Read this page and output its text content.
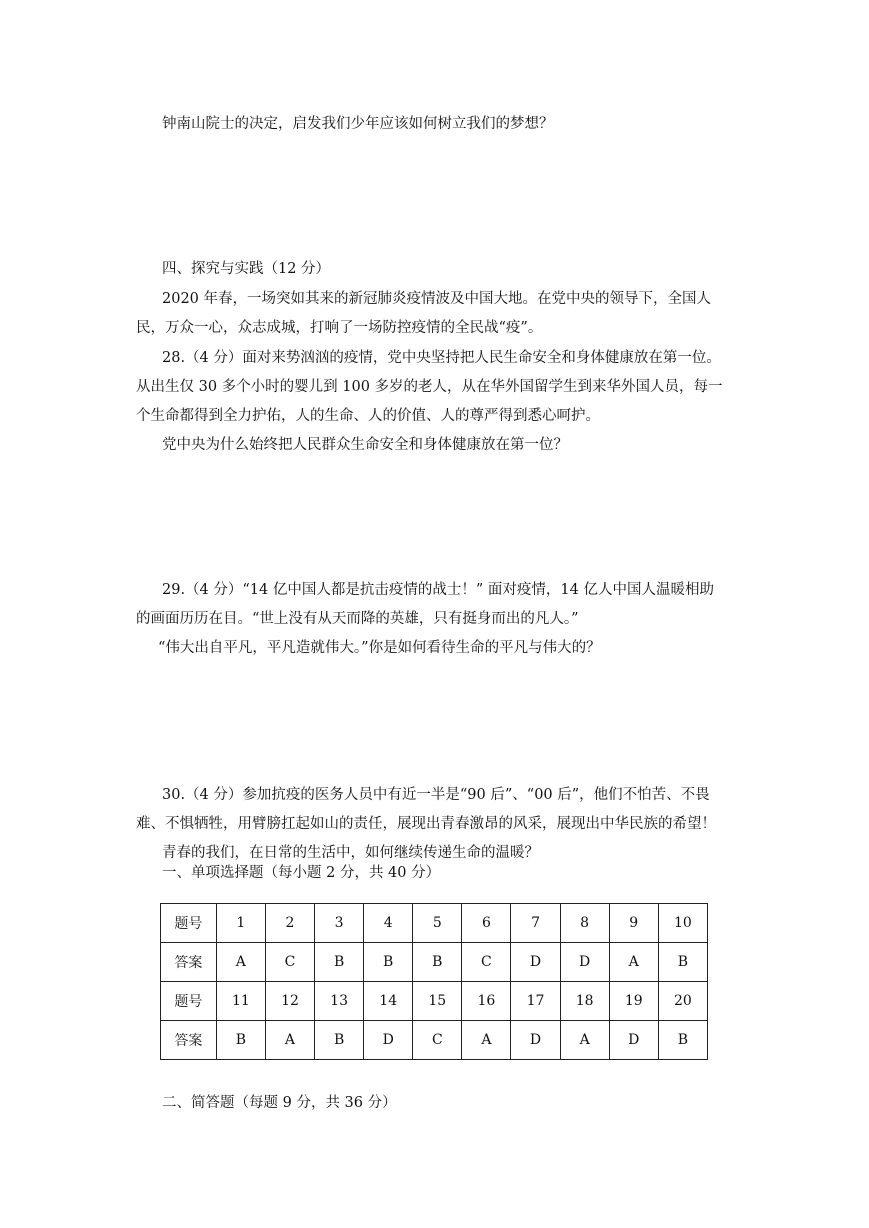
钟南山院士的决定，启发我们少年应该如何树立我们的梦想？

四、探究与实践（12 分）

2020 年春，一场突如其来的新冠肺炎疫情波及中国大地。在党中央的领导下，全国人

民，万众一心，众志成城，打响了一场防控疫情的全民战“疫”。

28.（4 分）面对来势汹汹的疫情，党中央坚持把人民生命安全和身体健康放在第一位。

从出生仅 30 多个小时的婴儿到 100 多岁的老人，从在华外国留学生到来华外国人员，每一

个生命都得到全力护佑，人的生命、人的价值、人的尊严得到悉心呵护。

党中央为什么始终把人民群众生命安全和身体健康放在第一位？

29.（4 分）“14 亿中国人都是抗击疫情的战士！” 面对疫情，14 亿人中国人温暖相助

的画面历历在目。“世上没有从天而降的英雄，只有挺身而出的凡人。”

“伟大出自平凡，平凡造就伟大。”你是如何看待生命的平凡与伟大的？

30.（4 分）参加抗疫的医务人员中有近一半是“90 后”、“00 后”，他们不怕苦、不畏

难、不惧牺牲，用臂膀扛起如山的责任，展现出青春激昂的风采，展现出中华民族的希望！

青春的我们，在日常的生活中，如何继续传递生命的温暖？

一、单项选择题（每小题 2 分，共 40 分）

题号	1	2	3	4	5	6	7	8	9	10
答案	A	C	B	B	B	C	D	D	A	B
题号	11	12	13	14	15	16	17	18	19	20
答案	B	A	B	D	C	A	D	A	D	B

二、简答题（每题 9 分，共 36 分）
